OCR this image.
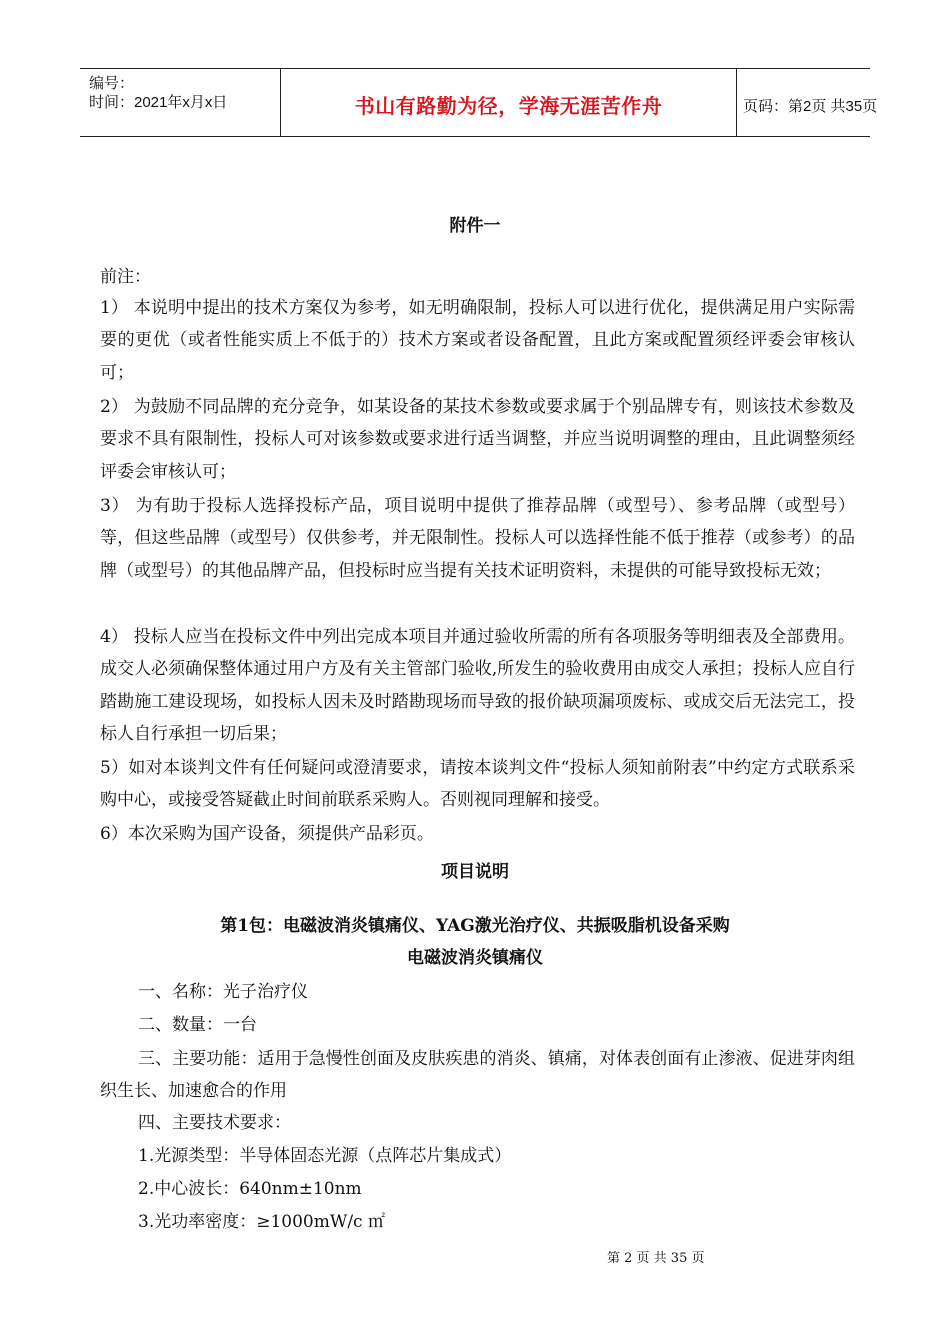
编号：
时间：2021年x月x日	书山有路勤为径，学海无涯苦作舟	页码：第2页 共35页
附件一
前注：
1） 本说明中提出的技术方案仅为参考，如无明确限制，投标人可以进行优化，提供满足用户实际需要的更优（或者性能实质上不低于的）技术方案或者设备配置，且此方案或配置须经评委会审核认可；
2） 为鼓励不同品牌的充分竞争，如某设备的某技术参数或要求属于个别品牌专有，则该技术参数及要求不具有限制性，投标人可对该参数或要求进行适当调整，并应当说明调整的理由，且此调整须经评委会审核认可；
3） 为有助于投标人选择投标产品，项目说明中提供了推荐品牌（或型号）、参考品牌（或型号）等，但这些品牌（或型号）仅供参考，并无限制性。投标人可以选择性能不低于推荐（或参考）的品牌（或型号）的其他品牌产品，但投标时应当提有关技术证明资料，未提供的可能导致投标无效；
4） 投标人应当在投标文件中列出完成本项目并通过验收所需的所有各项服务等明细表及全部费用。成交人必须确保整体通过用户方及有关主管部门验收,所发生的验收费用由成交人承担；投标人应自行踏勘施工建设现场，如投标人因未及时踏勘现场而导致的报价缺项漏项废标、或成交后无法完工，投标人自行承担一切后果；
5）如对本谈判文件有任何疑问或澄清要求，请按本谈判文件“投标人须知前附表”中约定方式联系采购中心，或接受答疑截止时间前联系采购人。否则视同理解和接受。
6）本次采购为国产设备，须提供产品彩页。
项目说明
第1包：电磁波消炎镇痛仪、YAG激光治疗仪、共振吸脂机设备采购
电磁波消炎镇痛仪
一、名称：光子治疗仪
二、数量：一台
三、主要功能：适用于急慢性创面及皮肤疾患的消炎、镇痛，对体表创面有止渗液、促进芽肉组织生长、加速愈合的作用
四、主要技术要求：
1.光源类型：半导体固态光源（点阵芯片集成式）
2.中心波长：640nm±10nm
3.光功率密度：≥1000mW/c ㎡
第 2 页 共 35 页
